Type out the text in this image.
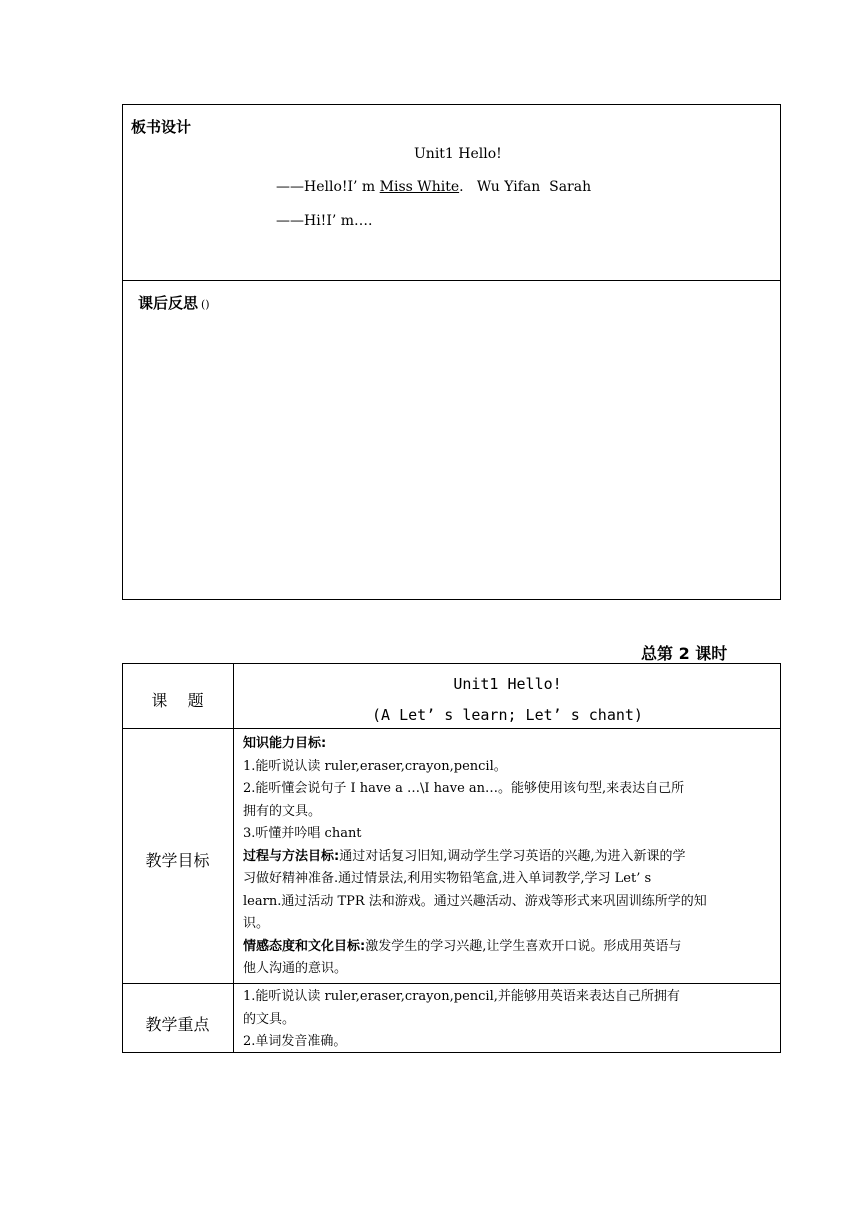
板书设计
Unit1 Hello!
——Hello!I’ m Miss White.   Wu Yifan  Sarah
——Hi!I’ m….
课后反思 ()
总第 2 课时
课    题
Unit1 Hello!
(A Let’ s learn; Let’ s chant)
教学目标
知识能力目标:
1.能听说认读 ruler,eraser,crayon,pencil。
2.能听懂会说句子 I have a …\I have an…。能够使用该句型,来表达自己所
拥有的文具。
3.听懂并吟唱 chant
过程与方法目标:通过对话复习旧知,调动学生学习英语的兴趣,为进入新课的学
习做好精神准备.通过情景法,利用实物铅笔盒,进入单词教学,学习 Let’ s
learn.通过活动 TPR 法和游戏。通过兴趣活动、游戏等形式来巩固训练所学的知
识。
情感态度和文化目标:激发学生的学习兴趣,让学生喜欢开口说。形成用英语与
他人沟通的意识。
教学重点
1.能听说认读 ruler,eraser,crayon,pencil,并能够用英语来表达自己所拥有
的文具。
2.单词发音准确。
